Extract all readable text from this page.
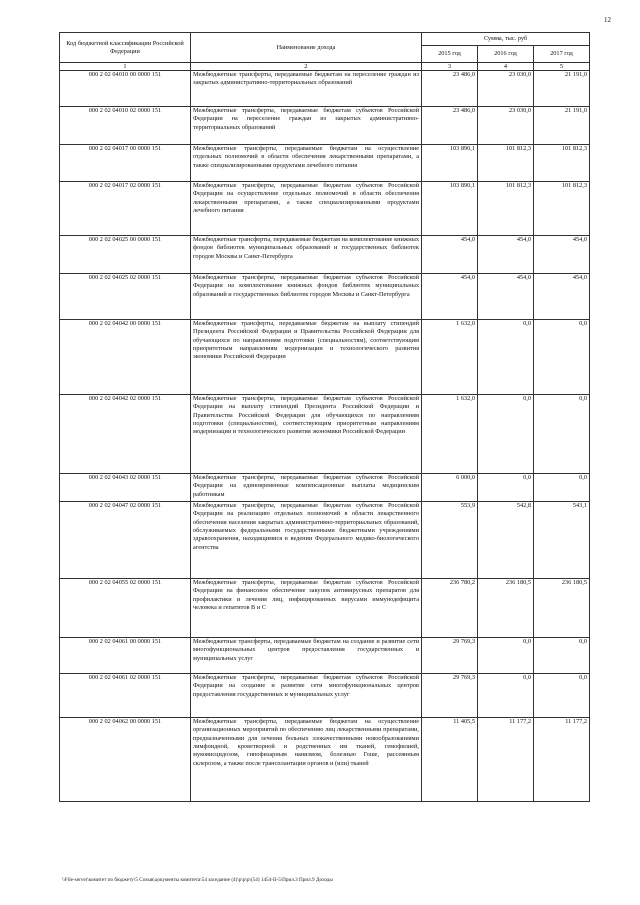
12
Код бюджетной классификации Российской Федерации	Наименование дохода	Сумма, тыс. руб		
		2015 год	2016 год	2017 год
1	2	3	4	5
000 2 02 04010 00 0000 151	Межбюджетные трансферты, передаваемые бюджетам на переселение граждан из закрытых административно-территориальных образований	23 486,0	23 030,0	21 191,0
000 2 02 04010 02 0000 151	Межбюджетные трансферты, передаваемые бюджетам субъектов Российской Федерации на переселение граждан из закрытых административно-территориальных образований	23 486,0	23 030,0	21 191,0
000 2 02 04017 00 0000 151	Межбюджетные трансферты, передаваемые бюджетам на осуществление отдельных полномочий в области обеспечения лекарственными препаратами, а также специализированными продуктами лечебного питания	103 890,1	101 812,3	101 812,3
000 2 02 04017 02 0000 151	Межбюджетные трансферты, передаваемые бюджетам субъектов Российской Федерации на осуществление отдельных полномочий в области обеспечения лекарственными препаратами, а также специализированными продуктами лечебного питания	103 890,1	101 812,3	101 812,3
000 2 02 04025 00 0000 151	Межбюджетные трансферты, передаваемые бюджетам на комплектование книжных фондов библиотек муниципальных образований и государственных библиотек городов Москвы и Санкт-Петербурга	454,0	454,0	454,0
000 2 02 04025 02 0000 151	Межбюджетные трансферты, передаваемые бюджетам субъектов Российской Федерации на комплектование книжных фондов библиотек муниципальных образований и государственных библиотек городов Москвы и Санкт-Петербурга	454,0	454,0	454,0
000 2 02 04042 00 0000 151	Межбюджетные трансферты, передаваемые бюджетам на выплату стипендий Президента Российской Федерации и Правительства Российской Федерации для обучающихся по направлениям подготовки (специальностям), соответствующим приоритетным направлениям модернизации и технологического развития экономики Российской Федерации	1 632,0	0,0	0,0
000 2 02 04042 02 0000 151	Межбюджетные трансферты, передаваемые бюджетам субъектов Российской Федерации на выплату стипендий Президента Российской Федерации и Правительства Российской Федерации для обучающихся по направлениям подготовки (специальностям), соответствующим приоритетным направлениям модернизации и технологического развития экономики Российской Федерации	1 632,0	0,0	0,0
000 2 02 04043 02 0000 151	Межбюджетные трансферты, передаваемые бюджетам субъектов Российской Федерации на единовременные компенсационные выплаты медицинским работникам	6 000,0	0,0	0,0
000 2 02 04047 02 0000 151	Межбюджетные трансферты, передаваемые бюджетам субъектов Российской Федерации на реализацию отдельных полномочий в области лекарственного обеспечения населения закрытых административно-территориальных образований, обслуживаемых федеральными государственными бюджетными учреждениями здравоохранения, находящимися в ведении Федерального медико-биологического агентства	553,9	542,8	543,1
000 2 02 04055 02 0000 151	Межбюджетные трансферты, передаваемые бюджетам субъектов Российской Федерации на финансовое обеспечение закупок антивирусных препаратов для профилактики и лечения лиц, инфицированных вирусами иммунодефицита человека и гепатитов B и C	236 780,2	236 180,5	236 180,5
000 2 02 04061 00 0000 151	Межбюджетные трансферты, передаваемые бюджетам на создание и развитие сети многофункциональных центров предоставления государственных и муниципальных услуг	29 769,3	0,0	0,0
000 2 02 04061 02 0000 151	Межбюджетные трансферты, передаваемые бюджетам субъектов Российской Федерации на создание и развитие сети многофункциональных центров предоставления государственных и муниципальных услуг	29 769,3	0,0	0,0
000 2 02 04062 00 0000 151	Межбюджетные трансферты, передаваемые бюджетам на осуществление организационных мероприятий по обеспечению лиц лекарственными препаратами, предназначенными для лечения больных злокачественными новообразованиями лимфоидной, кроветворной и родственных им тканей, гемофилией, муковисцидозом, гипофизарным нанизмом, болезнью Гоше, рассеянным склерозом, а также после трансплантации органов и (или) тканей	11 405,5	11 177,2	11 177,2
\\File-server\комитет по бюджету\5 Созыв\документы комитета\54 заседание (4)\р\р\р\(54) 1454-II-5\Прил.3 Прил.9 Доходы
